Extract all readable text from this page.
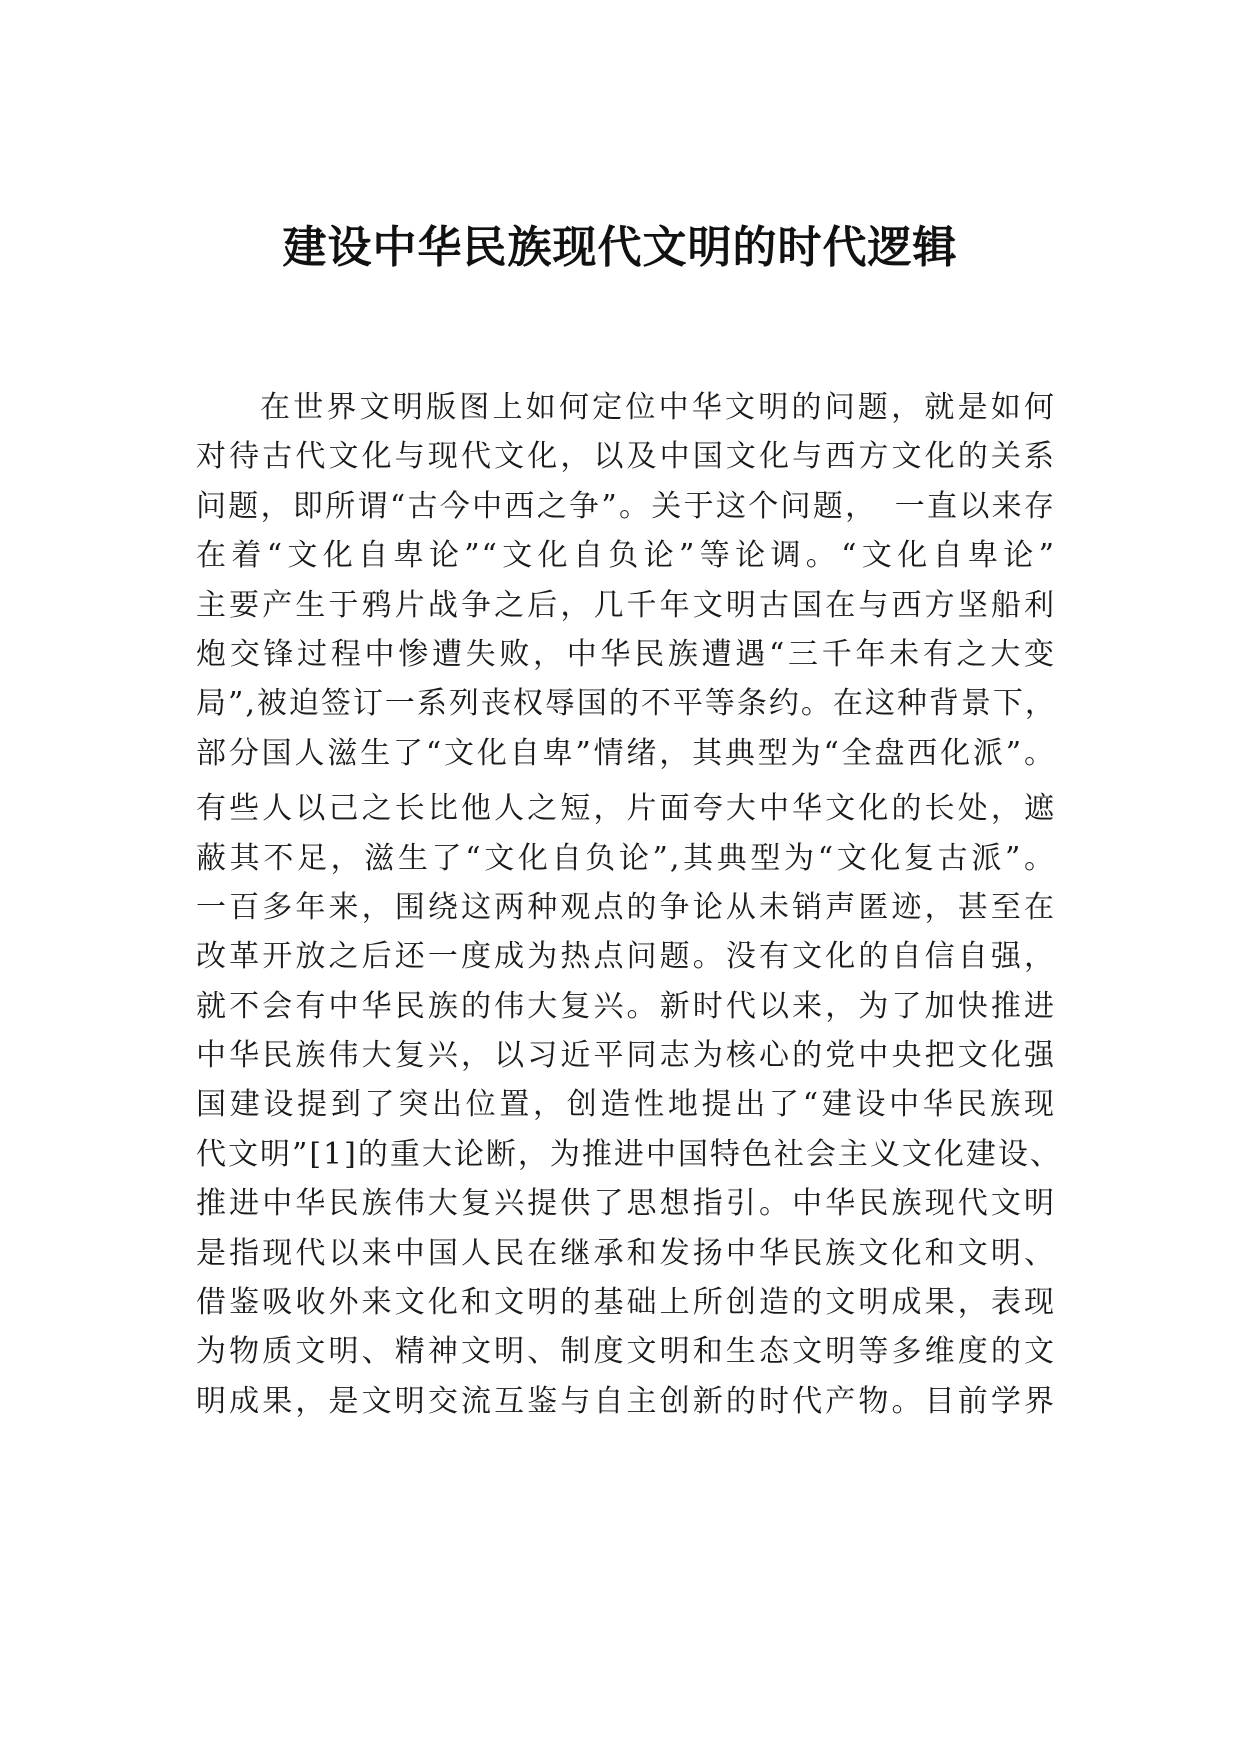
建设中华民族现代文明的时代逻辑
在世界文明版图上如何定位中华文明的问题，就是如何
对待古代文化与现代文化，以及中国文化与西方文化的关系
问题，即所谓“古今中西之争”。关于这个问题，　一直以来存
在着“文化自卑论”“文化自负论”等论调。“文化自卑论”
主要产生于鸦片战争之后，几千年文明古国在与西方坚船利
炮交锋过程中惨遭失败，中华民族遭遇“三千年未有之大变
局”,被迫签订一系列丧权辱国的不平等条约。在这种背景下，
部分国人滋生了“文化自卑”情绪，其典型为“全盘西化派”。
有些人以己之长比他人之短，片面夸大中华文化的长处，遮
蔽其不足，滋生了“文化自负论”,其典型为“文化复古派”。
一百多年来，围绕这两种观点的争论从未销声匿迹，甚至在
改革开放之后还一度成为热点问题。没有文化的自信自强，
就不会有中华民族的伟大复兴。新时代以来，为了加快推进
中华民族伟大复兴，以习近平同志为核心的党中央把文化强
国建设提到了突出位置，创造性地提出了“建设中华民族现
代文明”[1]的重大论断，为推进中国特色社会主义文化建设、
推进中华民族伟大复兴提供了思想指引。中华民族现代文明
是指现代以来中国人民在继承和发扬中华民族文化和文明、
借鉴吸收外来文化和文明的基础上所创造的文明成果，表现
为物质文明、精神文明、制度文明和生态文明等多维度的文
明成果，是文明交流互鉴与自主创新的时代产物。目前学界
